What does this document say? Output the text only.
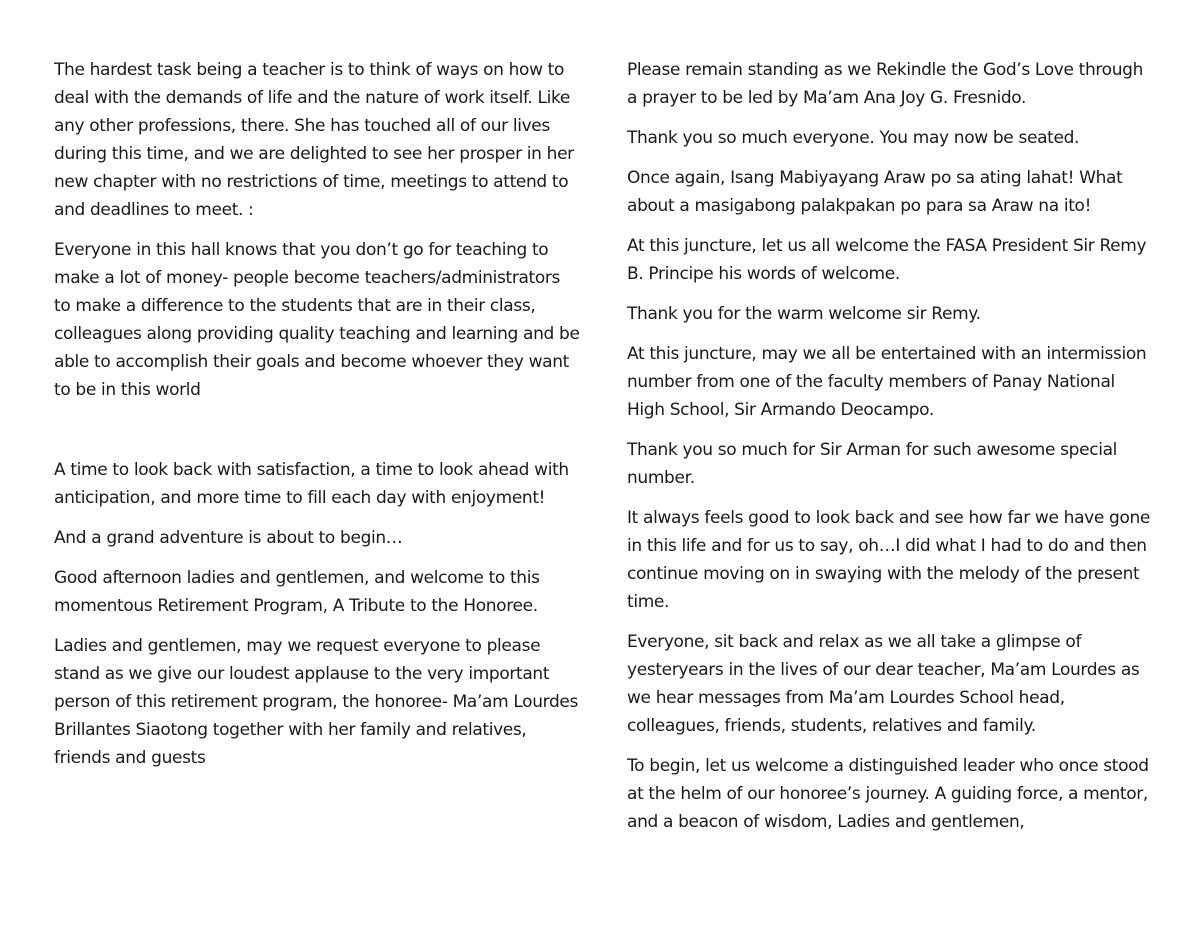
The hardest task being a teacher is to think of ways on how to deal with the demands of life and the nature of work itself. Like any other professions, there. She has touched all of our lives during this time, and we are delighted to see her prosper in her new chapter with no restrictions of time, meetings to attend to and deadlines to meet. :

Everyone in this hall knows that you don’t go for teaching to make a lot of money- people become teachers/administrators to make a difference to the students that are in their class, colleagues along providing quality teaching and learning and be able to accomplish their goals and become whoever they want to be in this world

A time to look back with satisfaction, a time to look ahead with anticipation, and more time to fill each day with enjoyment!

And a grand adventure is about to begin…

Good afternoon ladies and gentlemen, and welcome to this momentous Retirement Program, A Tribute to the Honoree.

Ladies and gentlemen, may we request everyone to please stand as we give our loudest applause to the very important person of this retirement program, the honoree- Ma’am Lourdes Brillantes Siaotong together with her family and relatives, friends and guests

Please remain standing as we Rekindle the God’s Love through a prayer to be led by Ma’am Ana Joy G. Fresnido.

Thank you so much everyone. You may now be seated.

Once again, Isang Mabiyayang Araw po sa ating lahat! What about a masigabong palakpakan po para sa Araw na ito!

At this juncture, let us all welcome the FASA President Sir Remy B. Principe his words of welcome.

Thank you for the warm welcome sir Remy.

At this juncture, may we all be entertained with an intermission number from one of the faculty members of Panay National High School, Sir Armando Deocampo.

Thank you so much for Sir Arman for such awesome special number.

It always feels good to look back and see how far we have gone in this life and for us to say, oh…I did what I had to do and then continue moving on in swaying with the melody of the present time.

Everyone, sit back and relax as we all take a glimpse of yesteryears in the lives of our dear teacher, Ma’am Lourdes as we hear messages from Ma’am Lourdes School head, colleagues, friends, students, relatives and family.

To begin, let us welcome a distinguished leader who once stood at the helm of our honoree’s journey. A guiding force, a mentor, and a beacon of wisdom, Ladies and gentlemen,
